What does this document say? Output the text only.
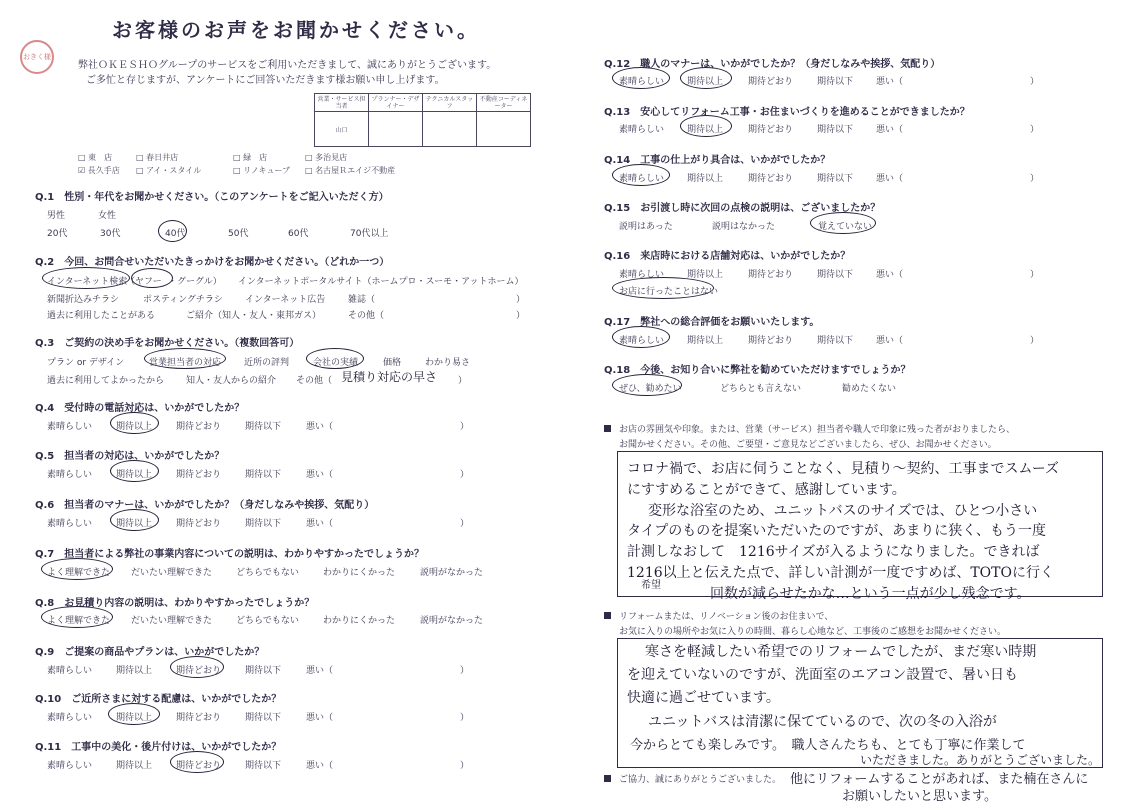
おきく様
お客様のお声をお聞かせください。
弊社ＯＫＥＳＨＯグループのサービスをご利用いただきまして、誠にありがとうございます。
ご多忙と存じますが、アンケートにご回答いただきます様お願い申し上げます。
営業・サービス担当者	プランナー・デザイナー	テクニカルスタッフ	不動産コーディネーター
山口			
□ 東　店	□ 春日井店	□ 緑　店	□ 多治見店
☑ 長久手店 □ アイ・スタイル	□ リノキューブ □ 名古屋Ｒエイジ不動産
Q.1　性別・年代をお聞かせください。（このアンケートをご記入いただく方）
男性	女性
20代	30代	40代	50代	60代	70代以上
Q.2　今回、お問合せいただいたきっかけをお聞かせください。（どれか一つ）
インターネット検索
（ヤフー ・グーグル） インターネットポータルサイト（ホームプロ・スーモ・アットホーム）
新聞折込みチラシ	ポスティングチラシ インターネット広告	雑誌（	）
過去に利用したことがある	ご紹介（知人・友人・東邦ガス）	その他（	）
Q.3　ご契約の決め手をお聞かせください。（複数回答可）
プラン or デザイン	営業担当者の対応	近所の評判	会社の実績	価格	わかり易さ
過去に利用してよかったから 知人・友人からの紹介 その他（ 見積り対応の早さ ）
Q.4　受付時の電話対応は、いかがでしたか？
素晴らしい	期待以上	期待どおり	期待以下	悪い（	）
Q.5　担当者の対応は、いかがでしたか？
素晴らしい	期待以上	期待どおり	期待以下	悪い（	）
Q.6　担当者のマナーは、いかがでしたか？（身だしなみや挨拶、気配り）
素晴らしい	期待以上	期待どおり	期待以下	悪い（	）
Q.7　担当者による弊社の事業内容についての説明は、わかりやすかったでしょうか？
よく理解できた だいたい理解できた	どちらでもない	わかりにくかった	説明がなかった
Q.8　お見積り内容の説明は、わかりやすかったでしょうか？
よく理解できた だいたい理解できた	どちらでもない	わかりにくかった	説明がなかった
Q.9　ご提案の商品やプランは、いかがでしたか？
素晴らしい	期待以上	期待どおり	期待以下	悪い（	）
Q.10　ご近所さまに対する配慮は、いかがでしたか？
素晴らしい	期待以上	期待どおり	期待以下	悪い（	）
Q.11　工事中の美化・後片付けは、いかがでしたか？
素晴らしい	期待以上	期待どおり	期待以下	悪い（	）
Q.12　職人のマナーは、いかがでしたか？（身だしなみや挨拶、気配り）
素晴らしい	期待以上	期待どおり	期待以下	悪い（	）
Q.13　安心してリフォーム工事・お住まいづくりを進めることができましたか？
素晴らしい	期待以上	期待どおり	期待以下	悪い（	）
Q.14　工事の仕上がり具合は、いかがでしたか？
素晴らしい	期待以上	期待どおり	期待以下	悪い（	）
Q.15　お引渡し時に次回の点検の説明は、ございましたか？
説明はあった	説明はなかった	覚えていない
Q.16　来店時における店舗対応は、いかがでしたか？
素晴らしい	期待以上	期待どおり	期待以下	悪い（	）
お店に行ったことはない
Q.17　弊社への総合評価をお願いいたします。
素晴らしい	期待以上	期待どおり	期待以下	悪い（	）
Q.18　今後、お知り合いに弊社を勧めていただけますでしょうか？
ぜひ、勧めたい	どちらとも言えない	勧めたくない
お店の雰囲気や印象。または、営業（サービス）担当者や職人で印象に残った者がおりましたら、
お聞かせください。その他、ご要望・ご意見などございましたら、ぜひ、お聞かせください。
コロナ禍で、お店に伺うことなく、見積り〜契約、工事までスムーズ
にすすめることができて、感謝しています。
変形な浴室のため、ユニットバスのサイズでは、ひとつ小さい
タイプのものを提案いただいたのですが、あまりに狭く、もう一度
計測しなおして　1216サイズが入るようになりました。できれば
1216以上と伝えた点で、詳しい計測が一度ですめば、TOTOに行く
希望
回数が減らせたかな…という一点が少し残念です。
リフォームまたは、リノベーション後のお住まいで、
お気に入りの場所やお気に入りの時間、暮らし心地など、工事後のご感想をお聞かせください。
寒さを軽減したい希望でのリフォームでしたが、まだ寒い時期
を迎えていないのですが、洗面室のエアコン設置で、暑い日も
快適に過ごせています。
ユニットバスは清潔に保てているので、次の冬の入浴が
今からとても楽しみです。　職人さんたちも、とても丁寧に作業して
いただきました。ありがとうございました。
ご協力、誠にありがとうございました。 他にリフォームすることがあれば、また楠在さんに
お願いしたいと思います。
